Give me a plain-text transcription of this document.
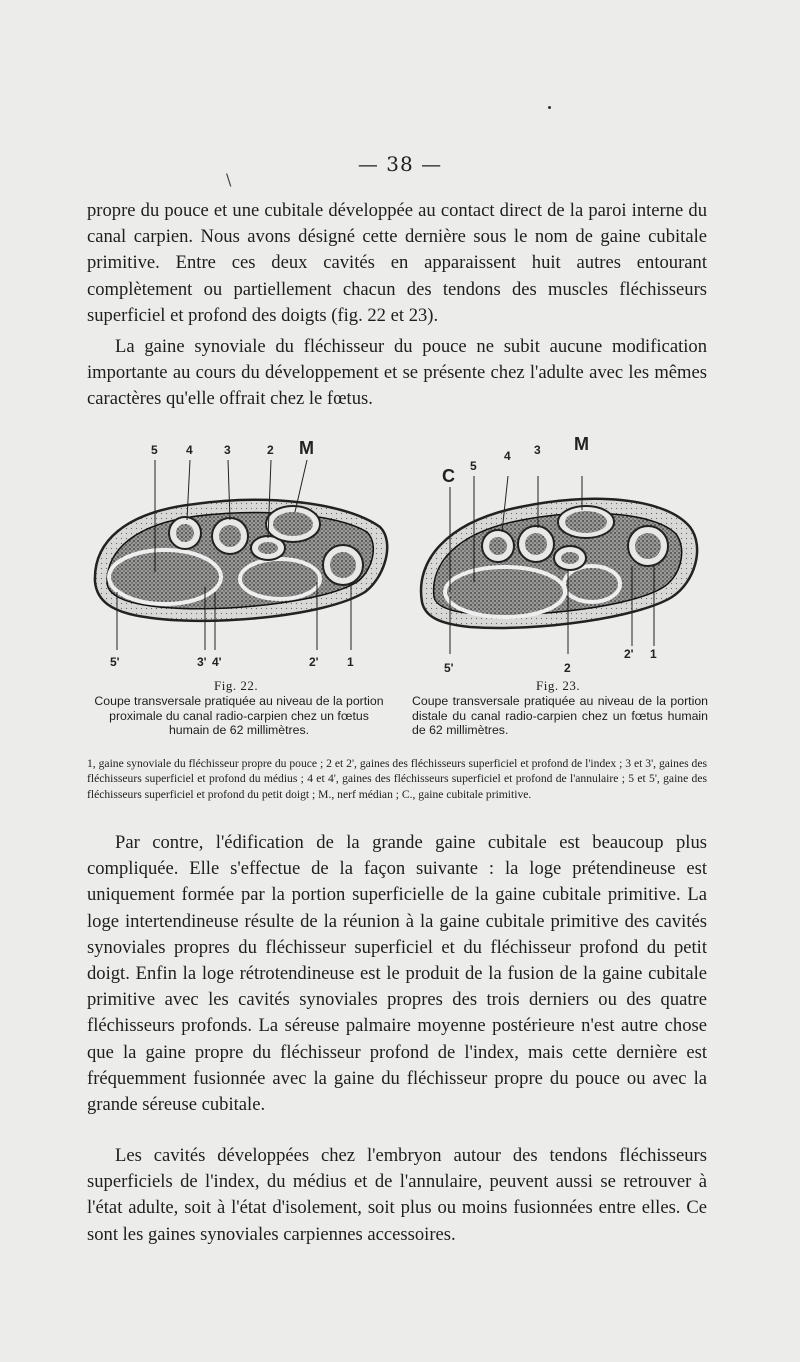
— 38 —
\

propre du pouce et une cubitale développée au contact direct de la paroi interne du canal carpien. Nous avons désigné cette dernière sous le nom de gaine cubitale primitive. Entre ces deux cavités en apparaissent huit autres entourant complètement ou partiellement chacun des tendons des muscles fléchisseurs superficiel et profond des doigts (fig. 22 et 23).

La gaine synoviale du fléchisseur du pouce ne subit aucune modification importante au cours du développement et se présente chez l'adulte avec les mêmes caractères qu'elle offrait chez le fœtus.

5 4	3	2 M
5'	3' 4'	2' 1
C 5
4 3 M
5'	2
2' 1
Fig. 22.	Fig. 23.
Coupe transversale pratiquée au niveau de la portion proximale du canal radio-carpien chez un fœtus humain de 62 millimètres.
Coupe transversale pratiquée au niveau de la portion distale du canal radio-carpien chez un fœtus humain de 62 millimètres.

1, gaine synoviale du fléchisseur propre du pouce ; 2 et 2', gaines des fléchisseurs superficiel et profond de l'index ; 3 et 3', gaines des fléchisseurs superficiel et profond du médius ; 4 et 4', gaines des fléchisseurs superficiel et profond de l'annulaire ; 5 et 5', gaine des fléchisseurs superficiel et profond du petit doigt ; M., nerf médian ; C., gaine cubitale primitive.

Par contre, l'édification de la grande gaine cubitale est beaucoup plus compliquée. Elle s'effectue de la façon suivante : la loge prétendineuse est uniquement formée par la portion superficielle de la gaine cubitale primitive. La loge intertendineuse résulte de la réunion à la gaine cubitale primitive des cavités synoviales propres du fléchisseur superficiel et du fléchisseur profond du petit doigt. Enfin la loge rétrotendineuse est le produit de la fusion de la gaine cubitale primitive avec les cavités synoviales propres des trois derniers ou des quatre fléchisseurs profonds. La séreuse palmaire moyenne postérieure n'est autre chose que la gaine propre du fléchisseur profond de l'index, mais cette dernière est fréquemment fusionnée avec la gaine du fléchisseur propre du pouce ou avec la grande séreuse cubitale.

Les cavités développées chez l'embryon autour des tendons fléchisseurs superficiels de l'index, du médius et de l'annulaire, peuvent aussi se retrouver à l'état adulte, soit à l'état d'isolement, soit plus ou moins fusionnées entre elles. Ce sont les gaines synoviales carpiennes accessoires.
